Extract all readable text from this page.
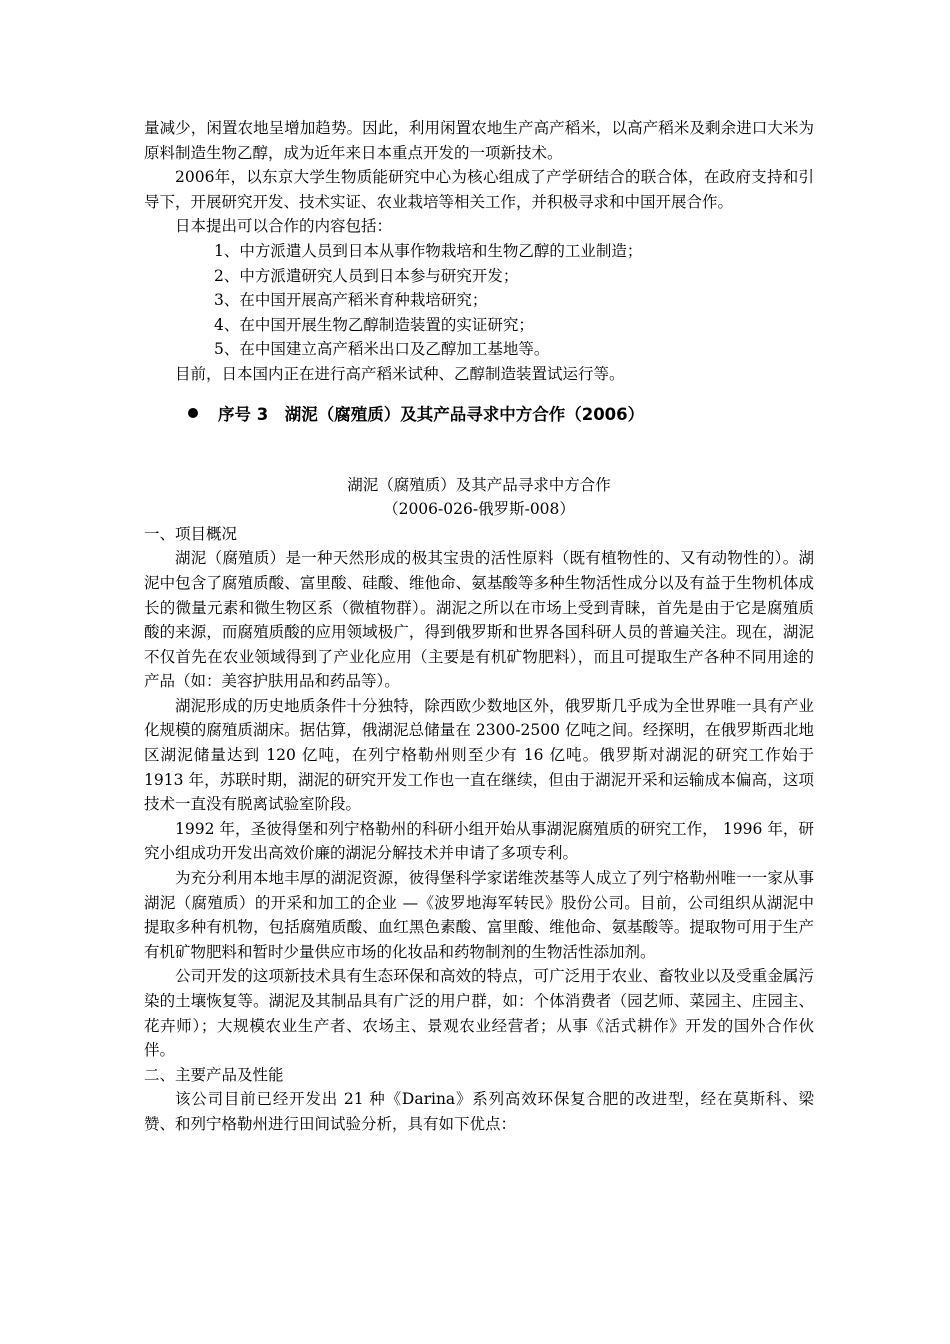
量减少，闲置农地呈增加趋势。因此，利用闲置农地生产高产稻米，以高产稻米及剩余进口大米为原料制造生物乙醇，成为近年来日本重点开发的一项新技术。

2006年，以东京大学生物质能研究中心为核心组成了产学研结合的联合体，在政府支持和引导下，开展研究开发、技术实证、农业栽培等相关工作，并积极寻求和中国开展合作。

日本提出可以合作的内容包括：

1、中方派遣人员到日本从事作物栽培和生物乙醇的工业制造；
2、中方派遣研究人员到日本参与研究开发；
3、在中国开展高产稻米育种栽培研究；
4、在中国开展生物乙醇制造装置的实证研究；
5、在中国建立高产稻米出口及乙醇加工基地等。

目前，日本国内正在进行高产稻米试种、乙醇制造装置试运行等。

序号 3　湖泥（腐殖质）及其产品寻求中方合作（2006）
湖泥（腐殖质）及其产品寻求中方合作
（2006-026-俄罗斯-008）

一、项目概况

湖泥（腐殖质）是一种天然形成的极其宝贵的活性原料（既有植物性的、又有动物性的）。湖泥中包含了腐殖质酸、富里酸、硅酸、维他命、氨基酸等多种生物活性成分以及有益于生物机体成长的微量元素和微生物区系（微植物群）。湖泥之所以在市场上受到青睐，首先是由于它是腐殖质酸的来源，而腐殖质酸的应用领域极广，得到俄罗斯和世界各国科研人员的普遍关注。现在，湖泥不仅首先在农业领域得到了产业化应用（主要是有机矿物肥料），而且可提取生产各种不同用途的产品（如：美容护肤用品和药品等）。

湖泥形成的历史地质条件十分独特，除西欧少数地区外，俄罗斯几乎成为全世界唯一具有产业化规模的腐殖质湖床。据估算，俄湖泥总储量在 2300-2500 亿吨之间。经探明，在俄罗斯西北地区湖泥储量达到 120 亿吨，在列宁格勒州则至少有 16 亿吨。俄罗斯对湖泥的研究工作始于 1913 年，苏联时期，湖泥的研究开发工作也一直在继续，但由于湖泥开采和运输成本偏高，这项技术一直没有脱离试验室阶段。

1992 年，圣彼得堡和列宁格勒州的科研小组开始从事湖泥腐殖质的研究工作， 1996 年，研究小组成功开发出高效价廉的湖泥分解技术并申请了多项专利。

为充分利用本地丰厚的湖泥资源，彼得堡科学家诺维茨基等人成立了列宁格勒州唯一一家从事湖泥（腐殖质）的开采和加工的企业 —《波罗地海军转民》股份公司。目前，公司组织从湖泥中提取多种有机物，包括腐殖质酸、血红黑色素酸、富里酸、维他命、氨基酸等。提取物可用于生产有机矿物肥料和暂时少量供应市场的化妆品和药物制剂的生物活性添加剂。

公司开发的这项新技术具有生态环保和高效的特点，可广泛用于农业、畜牧业以及受重金属污染的土壤恢复等。湖泥及其制品具有广泛的用户群，如：个体消费者（园艺师、菜园主、庄园主、花卉师）；大规模农业生产者、农场主、景观农业经营者；从事《活式耕作》开发的国外合作伙伴。

二、主要产品及性能

该公司目前已经开发出 21 种《Darina》系列高效环保复合肥的改进型，经在莫斯科、梁赞、和列宁格勒州进行田间试验分析，具有如下优点：
